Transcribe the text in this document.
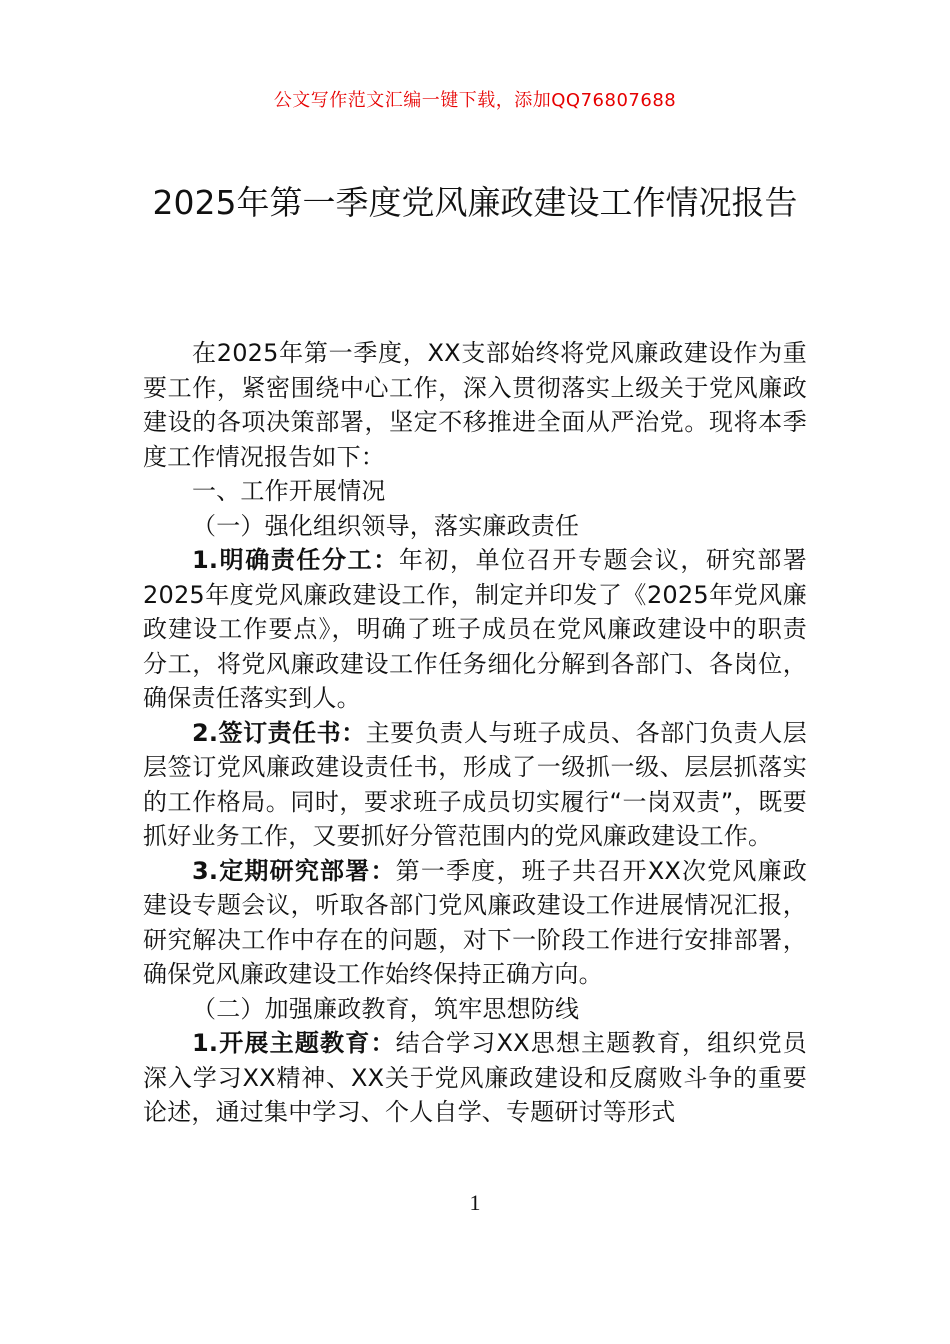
公文写作范文汇编一键下载，添加QQ76807688
2025年第一季度党风廉政建设工作情况报告

在2025年第一季度，XX支部始终将党风廉政建设作为重要工作，紧密围绕中心工作，深入贯彻落实上级关于党风廉政建设的各项决策部署，坚定不移推进全面从严治党。现将本季度工作情况报告如下：

一、工作开展情况

（一）强化组织领导，落实廉政责任

1.明确责任分工：年初，单位召开专题会议，研究部署2025年度党风廉政建设工作，制定并印发了《2025年党风廉政建设工作要点》，明确了班子成员在党风廉政建设中的职责分工，将党风廉政建设工作任务细化分解到各部门、各岗位，确保责任落实到人。

2.签订责任书：主要负责人与班子成员、各部门负责人层层签订党风廉政建设责任书，形成了一级抓一级、层层抓落实的工作格局。同时，要求班子成员切实履行“一岗双责”，既要抓好业务工作，又要抓好分管范围内的党风廉政建设工作。

3.定期研究部署：第一季度，班子共召开XX次党风廉政建设专题会议，听取各部门党风廉政建设工作进展情况汇报，研究解决工作中存在的问题，对下一阶段工作进行安排部署，确保党风廉政建设工作始终保持正确方向。

（二）加强廉政教育，筑牢思想防线

1.开展主题教育：结合学习XX思想主题教育，组织党员深入学习XX精神、XX关于党风廉政建设和反腐败斗争的重要论述，通过集中学习、个人自学、专题研讨等形式

1
